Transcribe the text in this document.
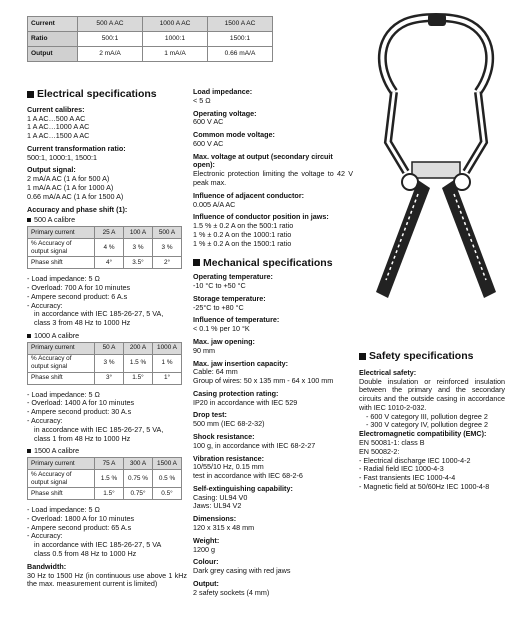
Current	500 A AC	1000 A AC	1500 A AC
Ratio	500:1	1000:1	1500:1
Output	2 mA/A	1 mA/A	0.66 mA/A
Electrical specifications
Current calibres:
1 A AC…500 A AC
1 A AC…1000 A AC
1 A AC…1500 A AC
Current transformation ratio:
500:1, 1000:1, 1500:1
Output signal:
2 mA/A AC (1 A for 500 A)
1 mA/A AC (1 A for 1000 A)
0.66 mA/A AC (1 A for 1500 A)
Accuracy and phase shift (1):
500 A calibre
Primary current	25 A	100 A	500 A
% Accuracy of output signal	4 %	3 %	3 %
Phase shift	4°	3.5°	2°
- Load impedance: 5 Ω
- Overload: 700 A for 10 minutes
- Ampere second product: 6 A.s
- Accuracy:
in accordance with IEC 185-26-27, 5 VA,
class 3 from 48 Hz to 1000 Hz
1000 A calibre
Primary current	50 A	200 A	1000 A
% Accuracy of output signal	3 %	1.5 %	1 %
Phase shift	3°	1.5°	1°
- Load impedance: 5 Ω
- Overload: 1400 A for 10 minutes
- Ampere second product: 30 A.s
- Accuracy:
in accordance with IEC 185-26-27, 5 VA,
class 1 from 48 Hz to 1000 Hz
1500 A calibre
Primary current	75 A	300 A	1500 A
% Accuracy of output signal	1.5 %	0.75 %	0.5 %
Phase shift	1.5°	0.75°	0.5°
- Load impedance: 5 Ω
- Overload: 1800 A for 10 minutes
- Ampere second product: 65 A.s
- Accuracy:
in accordance with IEC 185-26-27, 5 VA
class 0.5 from 48 Hz to 1000 Hz
Bandwidth:
30 Hz to 1500 Hz (in continuous use above 1 kHz the max. measurement current is limited)
Load impedance:
< 5 Ω
Operating voltage:
600 V AC
Common mode voltage:
600 V AC
Max. voltage at output (secondary circuit open):
Electronic protection limiting the voltage to 42 V peak max.
Influence of adjacent conductor:
0.005 A/A AC
Influence of conductor position in jaws:
1.5 % ± 0.2 A on the 500:1 ratio
1 % ± 0.2 A on the 1000:1 ratio
1 % ± 0.2 A on the 1500:1 ratio
Mechanical specifications
Operating temperature:
-10 °C to +50 °C
Storage temperature:
-25°C to +80 °C
Influence of temperature:
< 0.1 % per 10 °K
Max. jaw opening:
90 mm
Max. jaw insertion capacity:
Cable: 64 mm
Group of wires: 50 x 135 mm - 64 x 100 mm
Casing protection rating:
IP20 in accordance with IEC 529
Drop test:
500 mm (IEC 68-2-32)
Shock resistance:
100 g, in accordance with IEC 68-2-27
Vibration resistance:
10/55/10 Hz, 0.15 mm
test in accordance with IEC 68-2-6
Self-extinguishing capability:
Casing: UL94 V0
Jaws: UL94 V2
Dimensions:
120 x 315 x 48 mm
Weight:
1200 g
Colour:
Dark grey casing with red jaws
Output:
2 safety sockets (4 mm)
Safety specifications
Electrical safety:
Double insulation or reinforced insulation between the primary and the secondary circuits and the outside casing in accordance with IEC 1010-2-032.
- 600 V category III, pollution degree 2
- 300 V category IV, pollution degree 2
Electromagnetic compatibility (EMC):
EN 50081-1: class B
EN 50082-2:
- Electrical discharge IEC 1000-4-2
- Radial field IEC 1000-4-3
- Fast transients IEC 1000-4-4
- Magnetic field at 50/60Hz IEC 1000-4-8
